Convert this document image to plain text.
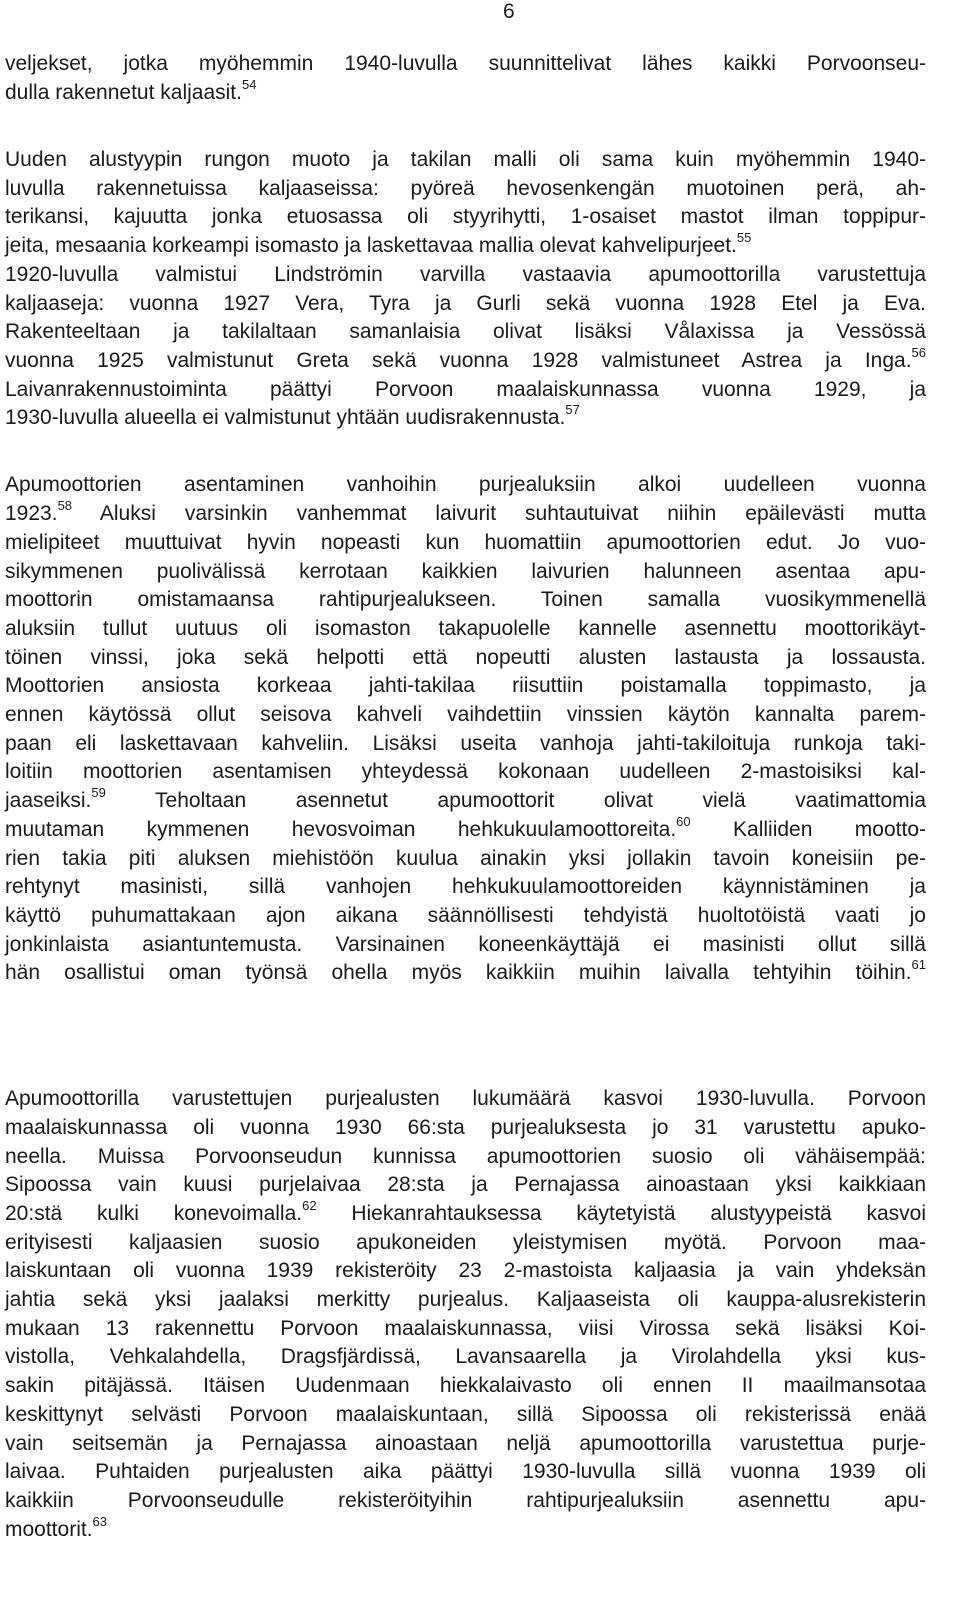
6
veljekset, jotka myöhemmin 1940-luvulla suunnittelivat lähes kaikki Porvoonseu-
dulla rakennetut kaljaasit.$^{54}$
Uuden alustyypin rungon muoto ja takilan malli oli sama kuin myöhemmin 1940-
luvulla rakennetuissa kaljaaseissa: pyöreä hevosenkengän muotoinen perä, ah-
terikansi, kajuutta jonka etuosassa oli styyrihytti, 1-osaiset mastot ilman toppipur-
jeita, mesaania korkeampi isomasto ja laskettavaa mallia olevat kahvelipurjeet.$^{55}$
1920-luvulla valmistui Lindströmin varvilla vastaavia apumoottorilla varustettuja
kaljaaseja: vuonna 1927 Vera, Tyra ja Gurli sekä vuonna 1928 Etel ja Eva.
Rakenteeltaan ja takilaltaan samanlaisia olivat lisäksi Vålaxissa ja Vessössä
vuonna 1925 valmistunut Greta sekä vuonna 1928 valmistuneet Astrea ja Inga.$^{56}$
Laivanrakennustoiminta päättyi Porvoon maalaiskunnassa vuonna 1929, ja
1930-luvulla alueella ei valmistunut yhtään uudisrakennusta.$^{57}$
Apumoottorien asentaminen vanhoihin purjealuksiin alkoi uudelleen vuonna
1923.58 Aluksi varsinkin vanhemmat laivurit suhtautuivat niihin epäilevästi mutta
mielipiteet muuttuivat hyvin nopeasti kun huomattiin apumoottorien edut. Jo vuo-
sikymmenen puolivälissä kerrotaan kaikkien laivurien halunneen asentaa apu-
moottorin omistamaansa rahtipurjealukseen. Toinen samalla vuosikymmenellä
aluksiin tullut uutuus oli isomaston takapuolelle kannelle asennettu moottorikäyt-
töinen vinssi, joka sekä helpotti että nopeutti alusten lastausta ja lossausta.
Moottorien ansiosta korkeaa jahti-takilaa riisuttiin poistamalla toppimasto, ja
ennen käytössä ollut seisova kahveli vaihdettiin vinssien käytön kannalta parem-
paan eli laskettavaan kahveliin. Lisäksi useita vanhoja jahti-takiloituja runkoja taki-
loitiin moottorien asentamisen yhteydessä kokonaan uudelleen 2-mastoisiksi kal-
jaaseiksi.$^{59}$ Teholtaan asennetut apumoottorit olivat vielä vaatimattomia
muutaman kymmenen hevosvoiman hehkukuulamoottoreita.$^{60}$ Kalliiden mootto-
rien takia piti aluksen miehistöön kuulua ainakin yksi jollakin tavoin koneisiin pe-
rehtynyt masinisti, sillä vanhojen hehkukuulamoottoreiden käynnistäminen ja
käyttö puhumattakaan ajon aikana säännöllisesti tehdyistä huoltotöistä vaati jo
jonkinlaista asiantuntemusta. Varsinainen koneenkäyttäjä ei masinisti ollut sillä
hän osallistui oman työnsä ohella myös kaikkiin muihin laivalla tehtyihin töihin.$^{61}$
Apumoottorilla varustettujen purjealusten lukumäärä kasvoi 1930-luvulla. Porvoon
maalaiskunnassa oli vuonna 1930 66:sta purjealuksesta jo 31 varustettu apuko-
neella. Muissa Porvoonseudun kunnissa apumoottorien suosio oli vähäisempää:
Sipoossa vain kuusi purjelaivaa 28:sta ja Pernajassa ainoastaan yksi kaikkiaan
20:stä kulki konevoimalla.$^{62}$ Hiekanrahtauksessa käytetyistä alustyypeistä kasvoi
erityisesti kaljaasien suosio apukoneiden yleistymisen myötä. Porvoon maa-
laiskuntaan oli vuonna 1939 rekisteröity 23 2-mastoista kaljaasia ja vain yhdeksän
jahtia sekä yksi jaalaksi merkitty purjealus. Kaljaaseista oli kauppa-alusrekisterin
mukaan 13 rakennettu Porvoon maalaiskunnassa, viisi Virossa sekä lisäksi Koi-
vistolla, Vehkalahdella, Dragsfjärdissä, Lavansaarella ja Virolahdella yksi kus-
sakin pitäjässä. Itäisen Uudenmaan hiekkalaivasto oli ennen II maailmansotaa
keskittynyt selvästi Porvoon maalaiskuntaan, sillä Sipoossa oli rekisterissä enää
vain seitsemän ja Pernajassa ainoastaan neljä apumoottorilla varustettua purje-
laivaa. Puhtaiden purjealusten aika päättyi 1930-luvulla sillä vuonna 1939 oli
kaikkiin Porvoonseudulle rekisteröityihin rahtipurjealuksiin asennettu apu-
moottorit.$^{63}$
